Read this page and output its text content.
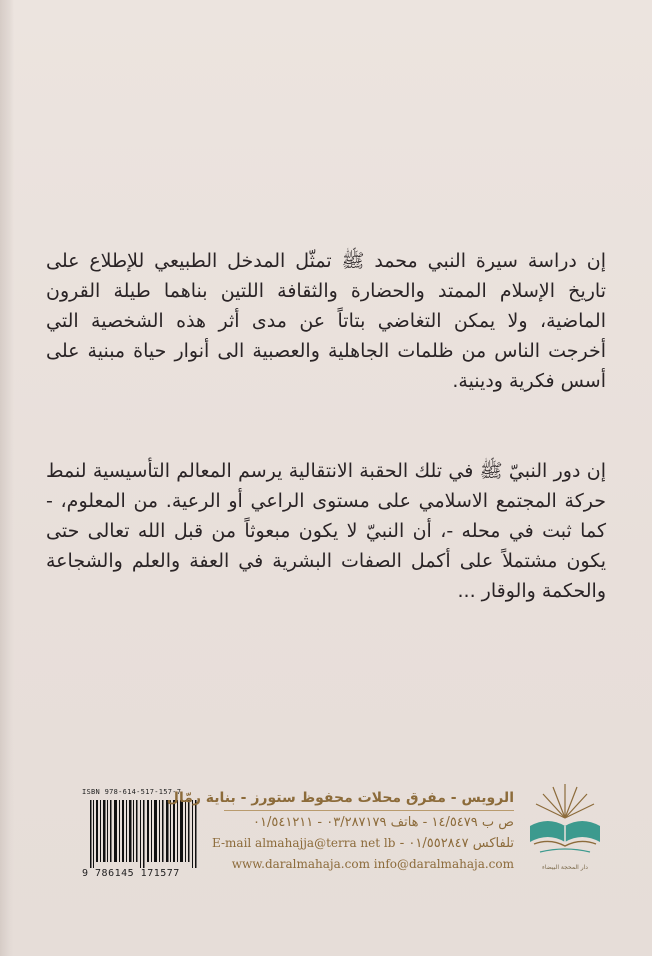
إن دراسة سيرة النبي محمد ﷺ تمثّل المدخل الطبيعي للإطلاع على تاريخ الإسلام الممتد والحضارة والثقافة اللتين بناهما طيلة القرون الماضية، ولا يمكن التغاضي بتاتاً عن مدى أثر هذه الشخصية التي أخرجت الناس من ظلمات الجاهلية والعصبية الى أنوار حياة مبنية على أسس فكرية ودينية.

إن دور النبيّ ﷺ في تلك الحقبة الانتقالية يرسم المعالم التأسيسية لنمط حركة المجتمع الاسلامي على مستوى الراعي أو الرعية. من المعلوم، - كما ثبت في محله -، أن النبيّ لا يكون مبعوثاً من قبل الله تعالى حتى يكون مشتملاً على أكمل الصفات البشرية في العفة والعلم والشجاعة والحكمة والوقار ...

ISBN 978-614-517-157-7
9 786145 171577
الرويس - مفرق محلات محفوظ ستورز - بناية رمّال
ص ب ١٤/٥٤٧٩ - هاتف ٠٣/٢٨٧١٧٩ - ٠١/٥٤١٢١١
تلفاكس ٠١/٥٥٢٨٤٧ - E-mail almahajja@terra net lb
www.daralmahaja.com info@daralmahaja.com	دار المحجة البيضاء
